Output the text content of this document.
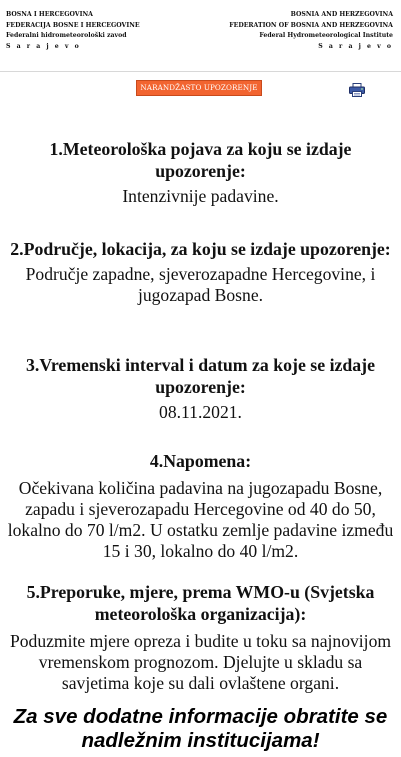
BOSNA I HERCEGOVINA
FEDERACIJA BOSNE I HERCEGOVINE
Federalni hidrometeorološki zavod
S a r a j e v o
BOSNIA AND HERZEGOVINA
FEDERATION OF BOSNIA AND HERZEGOVINA
Federal Hydrometeorological Institute
S a r a j e v o
NARANDŽASTO UPOZORENJE
1.Meteorološka pojava za koju se izdaje upozorenje:
Intenzivnije padavine.
2.Područje, lokacija, za koju se izdaje upozorenje:
Područje zapadne, sjeverozapadne Hercegovine, i jugozapad Bosne.
3.Vremenski interval i datum za koje se izdaje upozorenje:
08.11.2021.
4.Napomena:
Očekivana količina padavina na jugozapadu Bosne, zapadu i sjeverozapadu Hercegovine od 40 do 50, lokalno do 70 l/m2. U ostatku zemlje padavine između 15 i 30, lokalno do 40 l/m2.
5.Preporuke, mjere, prema WMO-u (Svjetska meteorološka organizacija):
Poduzmite mjere opreza i budite u toku sa najnovijom vremenskom prognozom. Djelujte u skladu sa savjetima koje su dali ovlaštene organi.
Za sve dodatne informacije obratite se nadležnim institucijama!
